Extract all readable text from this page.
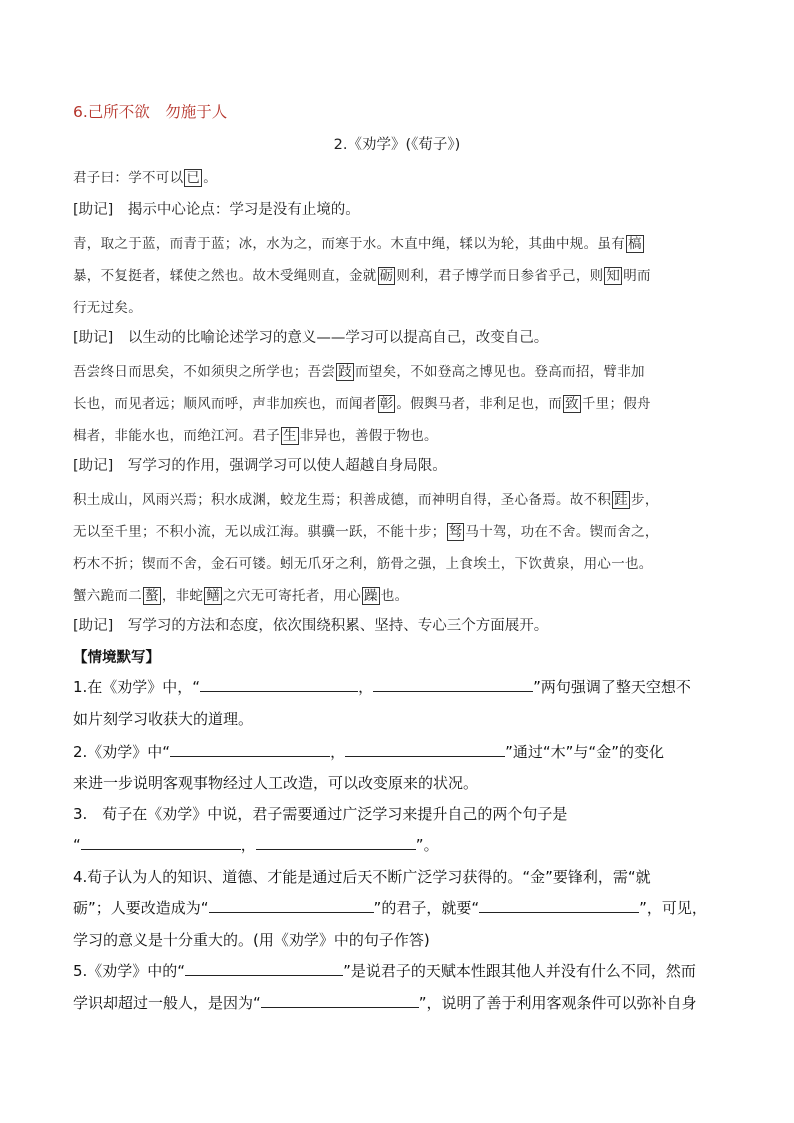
6.己所不欲　勿施于人
2.《劝学》(《荀子》)
君子曰：学不可以 已 。
[助记]　揭示中心论点：学习是没有止境的。
青，取之于蓝，而青于蓝；冰，水为之，而寒于水。木直中绳，𫐓以为轮，其曲中规。虽有 槁
暴，不复挺者，𫐓使之然也。故木受绳则直，金就 砺 则利，君子博学而日参省乎己，则 知 明而
行无过矣。
[助记]　以生动的比喻论述学习的意义——学习可以提高自己，改变自己。
吾尝终日而思矣，不如须臾之所学也；吾尝 跂 而望矣，不如登高之博见也。登高而招，臂非加
长也，而见者远；顺风而呼，声非加疾也，而闻者 彰 。假舆马者，非利足也，而 致 千里；假舟
楫者，非能水也，而绝江河。君子 生 非异也，善假于物也。
[助记]　写学习的作用，强调学习可以使人超越自身局限。
积土成山，风雨兴焉；积水成渊，蛟龙生焉；积善成德，而神明自得，圣心备焉。故不积 跬 步，
无以至千里；不积小流，无以成江海。骐骥一跃，不能十步； 驽 马十驾，功在不舍。锲而舍之，
朽木不折；锲而不舍，金石可镂。蚓无爪牙之利，筋骨之强，上食埃土，下饮黄泉，用心一也。
蟹六跪而二 螯 ，非蛇 鳝 之穴无可寄托者，用心 躁 也。
[助记]　写学习的方法和态度，依次围绕积累、坚持、专心三个方面展开。
【情境默写】
1.在《劝学》中，“	，	”两句强调了整天空想不
如片刻学习收获大的道理。
2.《劝学》中“	，	”通过“木”与“金”的变化
来进一步说明客观事物经过人工改造，可以改变原来的状况。
3.　荀子在《劝学》中说，君子需要通过广泛学习来提升自己的两个句子是
“	，	”。
4.荀子认为人的知识、道德、才能是通过后天不断广泛学习获得的。“金”要锋利，需“就
砺”；人要改造成为“	”的君子，就要“	”，可见，
学习的意义是十分重大的。(用《劝学》中的句子作答)
5.《劝学》中的“	”是说君子的天赋本性跟其他人并没有什么不同，然而
学识却超过一般人，是因为“	”，说明了善于利用客观条件可以弥补自身
